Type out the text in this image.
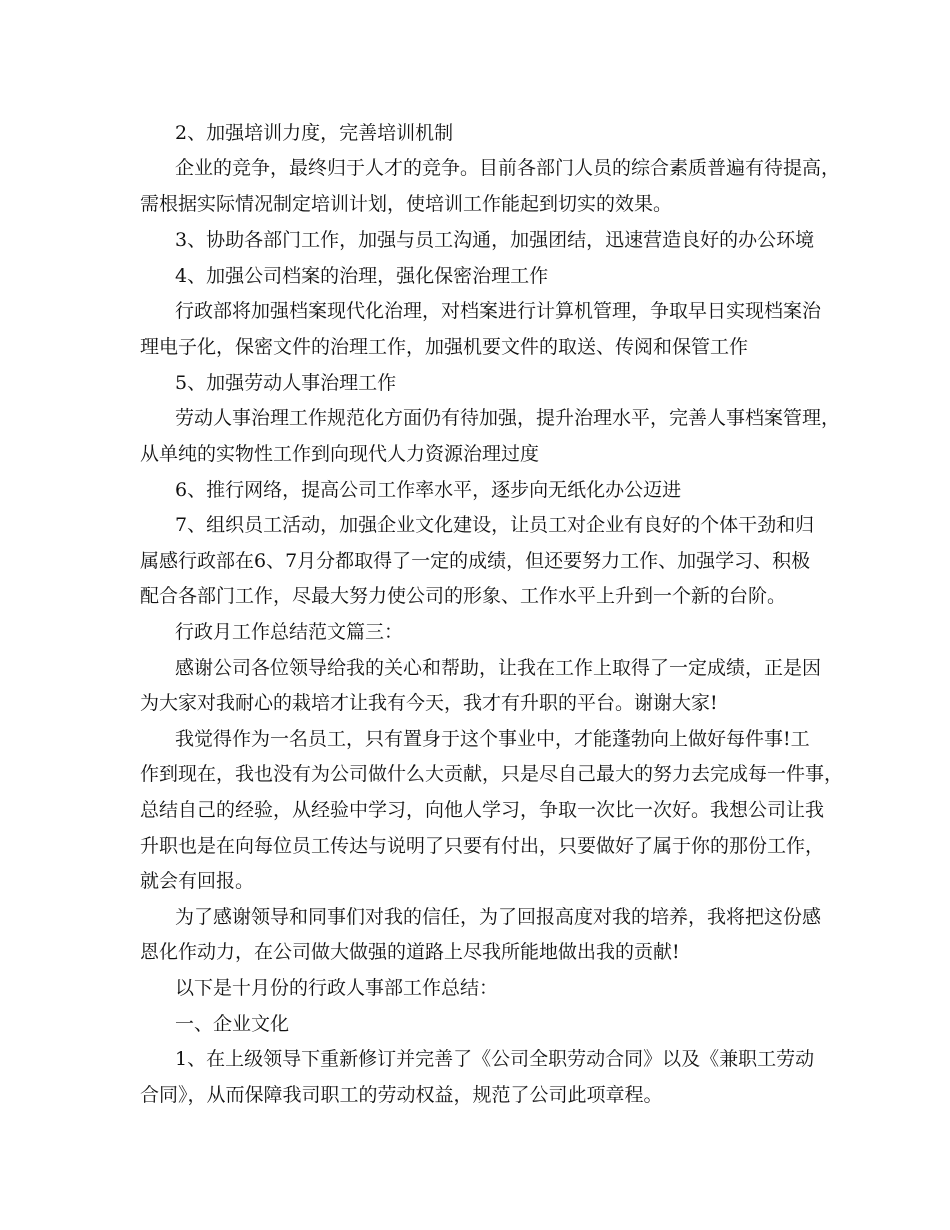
2、加强培训力度，完善培训机制
企业的竞争，最终归于人才的竞争。目前各部门人员的综合素质普遍有待提高，
需根据实际情况制定培训计划，使培训工作能起到切实的效果。
3、协助各部门工作，加强与员工沟通，加强团结，迅速营造良好的办公环境
4、加强公司档案的治理，强化保密治理工作
行政部将加强档案现代化治理，对档案进行计算机管理，争取早日实现档案治
理电子化，保密文件的治理工作，加强机要文件的取送、传阅和保管工作
5、加强劳动人事治理工作
劳动人事治理工作规范化方面仍有待加强，提升治理水平，完善人事档案管理，
从单纯的实物性工作到向现代人力资源治理过度
6、推行网络，提高公司工作率水平，逐步向无纸化办公迈进
7、组织员工活动，加强企业文化建设，让员工对企业有良好的个体干劲和归
属感行政部在6、7月分都取得了一定的成绩，但还要努力工作、加强学习、积极
配合各部门工作，尽最大努力使公司的形象、工作水平上升到一个新的台阶。
行政月工作总结范文篇三：
感谢公司各位领导给我的关心和帮助，让我在工作上取得了一定成绩，正是因
为大家对我耐心的栽培才让我有今天，我才有升职的平台。谢谢大家!
我觉得作为一名员工，只有置身于这个事业中，才能蓬勃向上做好每件事!工
作到现在，我也没有为公司做什么大贡献，只是尽自己最大的努力去完成每一件事，
总结自己的经验，从经验中学习，向他人学习，争取一次比一次好。我想公司让我
升职也是在向每位员工传达与说明了只要有付出，只要做好了属于你的那份工作，
就会有回报。
为了感谢领导和同事们对我的信任，为了回报高度对我的培养，我将把这份感
恩化作动力，在公司做大做强的道路上尽我所能地做出我的贡献!
以下是十月份的行政人事部工作总结：
一、企业文化
1、在上级领导下重新修订并完善了《公司全职劳动合同》以及《兼职工劳动
合同》，从而保障我司职工的劳动权益，规范了公司此项章程。
